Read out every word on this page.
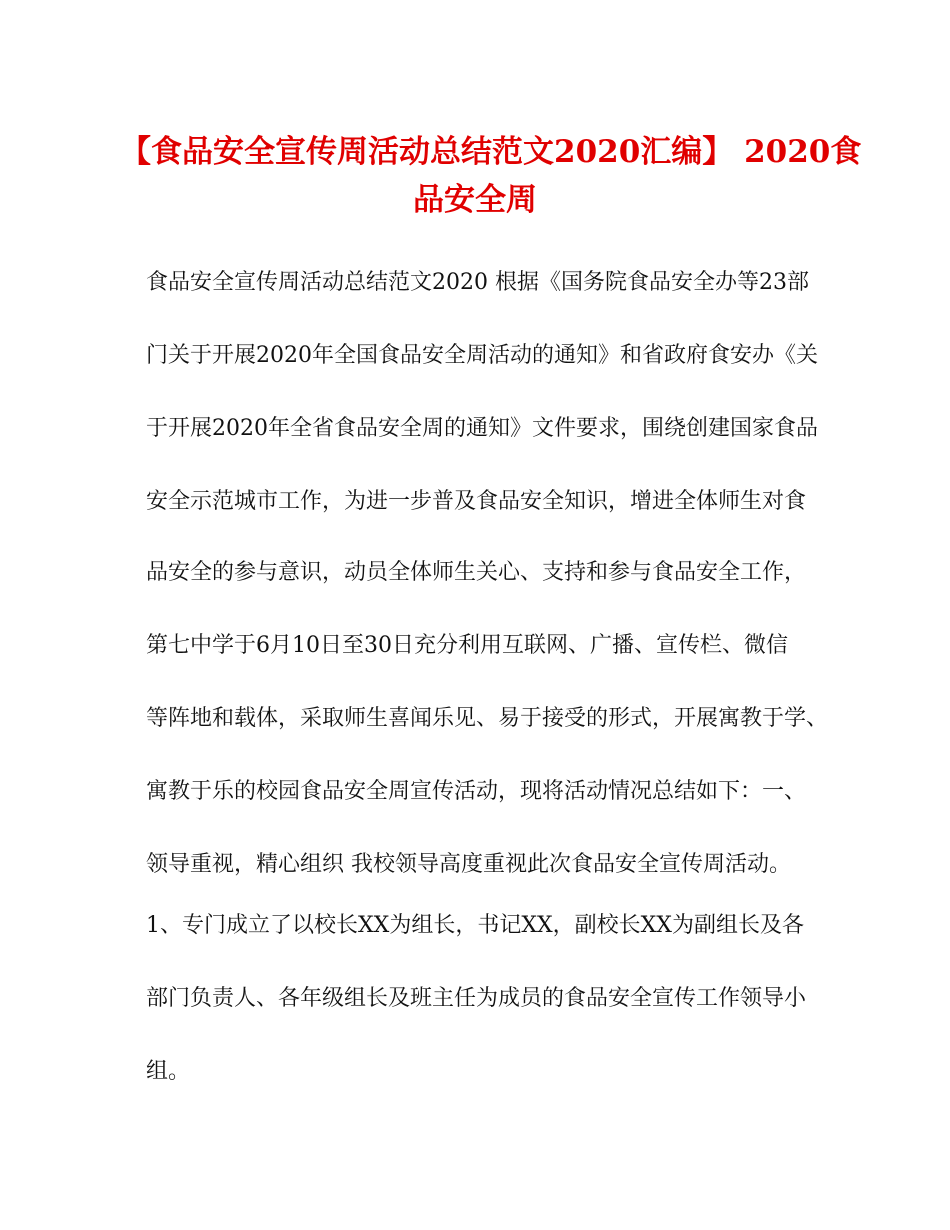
【食品安全宣传周活动总结范文2020汇编】 2020食
品安全周

食品安全宣传周活动总结范文2020 根据《国务院食品安全办等23部

门关于开展2020年全国食品安全周活动的通知》和省政府食安办《关

于开展2020年全省食品安全周的通知》文件要求，围绕创建国家食品

安全示范城市工作，为进一步普及食品安全知识，增进全体师生对食

品安全的参与意识，动员全体师生关心、支持和参与食品安全工作，

第七中学于6月10日至30日充分利用互联网、广播、宣传栏、微信

等阵地和载体，采取师生喜闻乐见、易于接受的形式，开展寓教于学、

寓教于乐的校园食品安全周宣传活动，现将活动情况总结如下：一、

领导重视，精心组织 我校领导高度重视此次食品安全宣传周活动。

1、专门成立了以校长XX为组长，书记XX，副校长XX为副组长及各

部门负责人、各年级组长及班主任为成员的食品安全宣传工作领导小

组。
